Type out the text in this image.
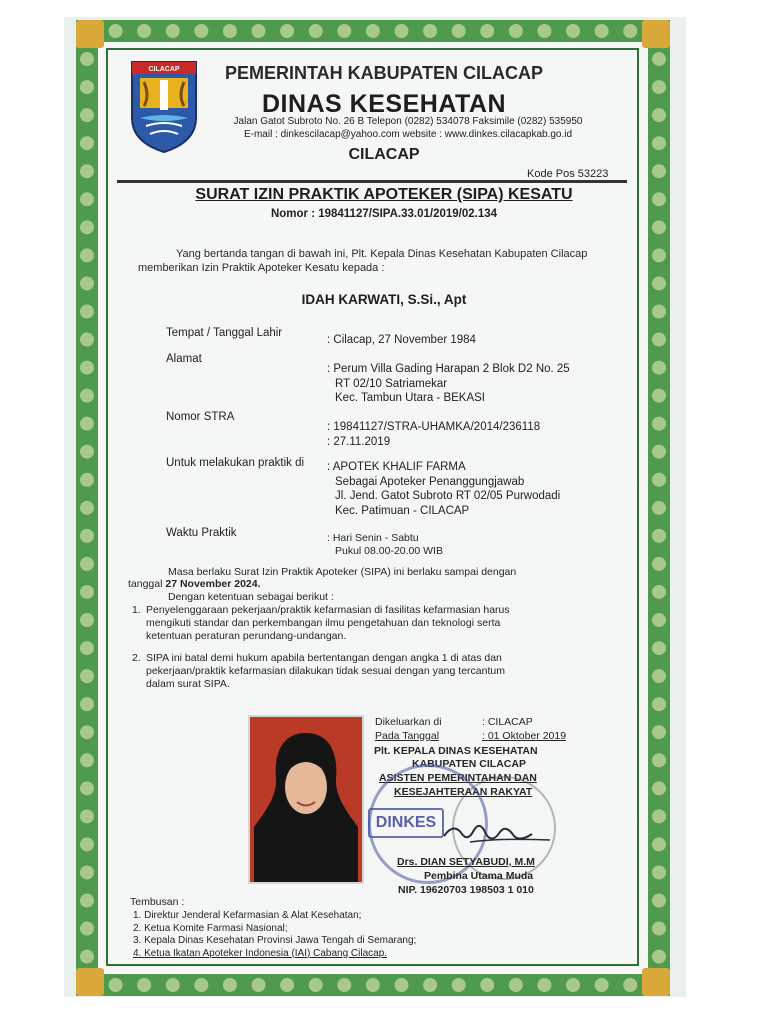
CILACAP	PEMERINTAH KABUPATEN CILACAP
DINAS KESEHATAN
Jalan Gatot Subroto No. 26 B Telepon (0282) 534078 Faksimile (0282) 535950
E-mail : dinkescilacap@yahoo.com website : www.dinkes.cilacapkab.go.id
CILACAP
Kode Pos 53223
SURAT IZIN PRAKTIK APOTEKER (SIPA) KESATU
Nomor : 19841127/SIPA.33.01/2019/02.134
Yang bertanda tangan di bawah ini, Plt. Kepala Dinas Kesehatan Kabupaten Cilacap memberikan Izin Praktik Apoteker Kesatu kepada :
IDAH KARWATI, S.Si., Apt
Tempat / Tanggal Lahir
: Cilacap, 27 November 1984
Alamat
: Perum Villa Gading Harapan 2 Blok D2 No. 25
RT 02/10 Satriamekar
Kec. Tambun Utara - BEKASI
Nomor STRA
: 19841127/STRA-UHAMKA/2014/236118
: 27.11.2019
Untuk melakukan praktik di : APOTEK KHALIF FARMA
Sebagai Apoteker Penanggungjawab
Jl. Jend. Gatot Subroto RT 02/05 Purwodadi
Kec. Patimuan - CILACAP
Waktu Praktik	: Hari Senin - Sabtu
Pukul 08.00-20.00 WIB
Masa berlaku Surat Izin Praktik Apoteker (SIPA) ini berlaku sampai dengan
tanggal 27 November 2024.
Dengan ketentuan sebagai berikut :
1. Penyelenggaraan pekerjaan/praktik kefarmasian di fasilitas kefarmasian harus
mengikuti standar dan perkembangan ilmu pengetahuan dan teknologi serta
ketentuan peraturan perundang-undangan.
2. SIPA ini batal demi hukum apabila bertentangan dengan angka 1 di atas dan
pekerjaan/praktik kefarmasian dilakukan tidak sesuai dengan yang tercantum
dalam surat SIPA.
Dikeluarkan di	: CILACAP
Pada Tanggal	: 01 Oktober 2019
Plt. KEPALA DINAS KESEHATAN
KABUPATEN CILACAP
ASISTEN PEMERINTAHAN DAN
KESEJAHTERAAN RAKYAT
DINKES
Drs. DIAN SETYABUDI, M.M
Pembina Utama Muda
NIP. 19620703 198503 1 010
Tembusan :
1. Direktur Jenderal Kefarmasian & Alat Kesehatan;
2. Ketua Komite Farmasi Nasional;
3. Kepala Dinas Kesehatan Provinsi Jawa Tengah di Semarang;
4. Ketua Ikatan Apoteker Indonesia (IAI) Cabang Cilacap.
